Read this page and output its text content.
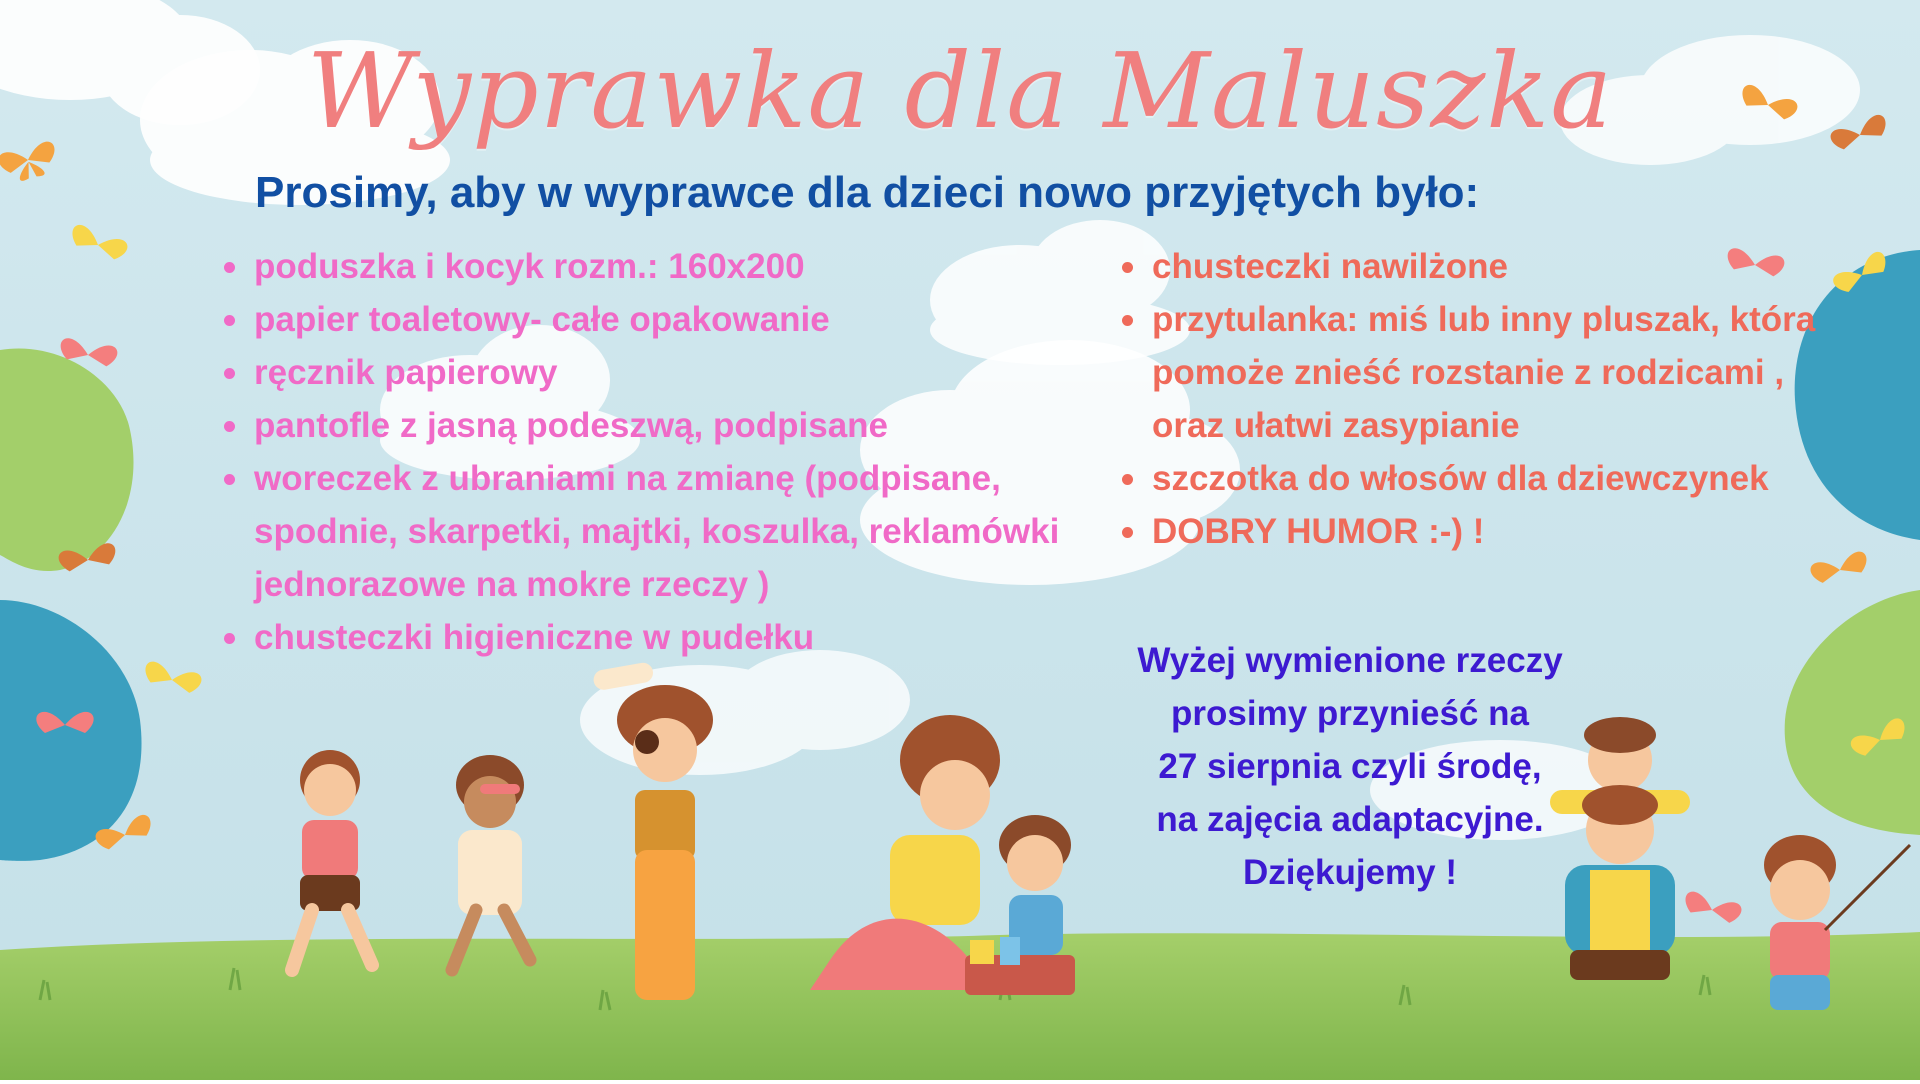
Wyprawka dla Maluszka
Prosimy, aby w wyprawce dla dzieci nowo przyjętych było:
poduszka i kocyk rozm.: 160x200
papier toaletowy- całe opakowanie
ręcznik papierowy
pantofle z jasną podeszwą, podpisane
woreczek z ubraniami na zmianę (podpisane, spodnie, skarpetki, majtki, koszulka, reklamówki jednorazowe na mokre rzeczy )
chusteczki higieniczne w pudełku
chusteczki nawilżone
przytulanka: miś lub inny pluszak, która pomoże znieść rozstanie z rodzicami , oraz ułatwi zasypianie
szczotka do włosów dla dziewczynek
DOBRY HUMOR :-) !

Wyżej wymienione rzeczy
prosimy przynieść na
27 sierpnia czyli środę,
na zajęcia adaptacyjne.
Dziękujemy !
